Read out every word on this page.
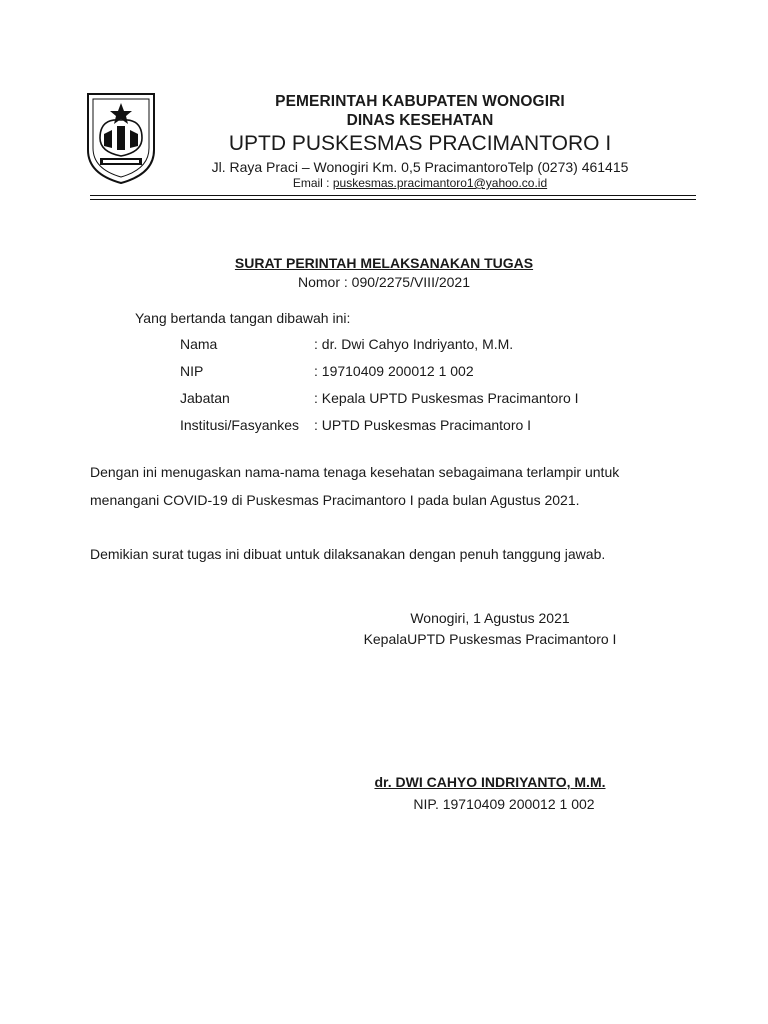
PEMERINTAH KABUPATEN WONOGIRI
DINAS KESEHATAN
UPTD PUSKESMAS PRACIMANTORO I
Jl. Raya Praci – Wonogiri Km. 0,5 PracimantoroTelp (0273) 461415
Email : puskesmas.pracimantoro1@yahoo.co.id
SURAT PERINTAH MELAKSANAKAN TUGAS
Nomor : 090/2275/VIII/2021
Yang bertanda tangan dibawah ini:
Nama	: dr. Dwi Cahyo Indriyanto, M.M.
NIP	: 19710409 200012 1 002
Jabatan	: Kepala UPTD Puskesmas Pracimantoro I
Institusi/Fasyankes : UPTD Puskesmas Pracimantoro I
Dengan ini menugaskan nama-nama tenaga kesehatan sebagaimana terlampir untuk
menangani COVID-19 di Puskesmas Pracimantoro I pada bulan Agustus 2021.
Demikian surat tugas ini dibuat untuk dilaksanakan dengan penuh tanggung jawab.
Wonogiri, 1 Agustus 2021
KepalaUPTD Puskesmas Pracimantoro I
dr. DWI CAHYO INDRIYANTO, M.M.
NIP. 19710409 200012 1 002
